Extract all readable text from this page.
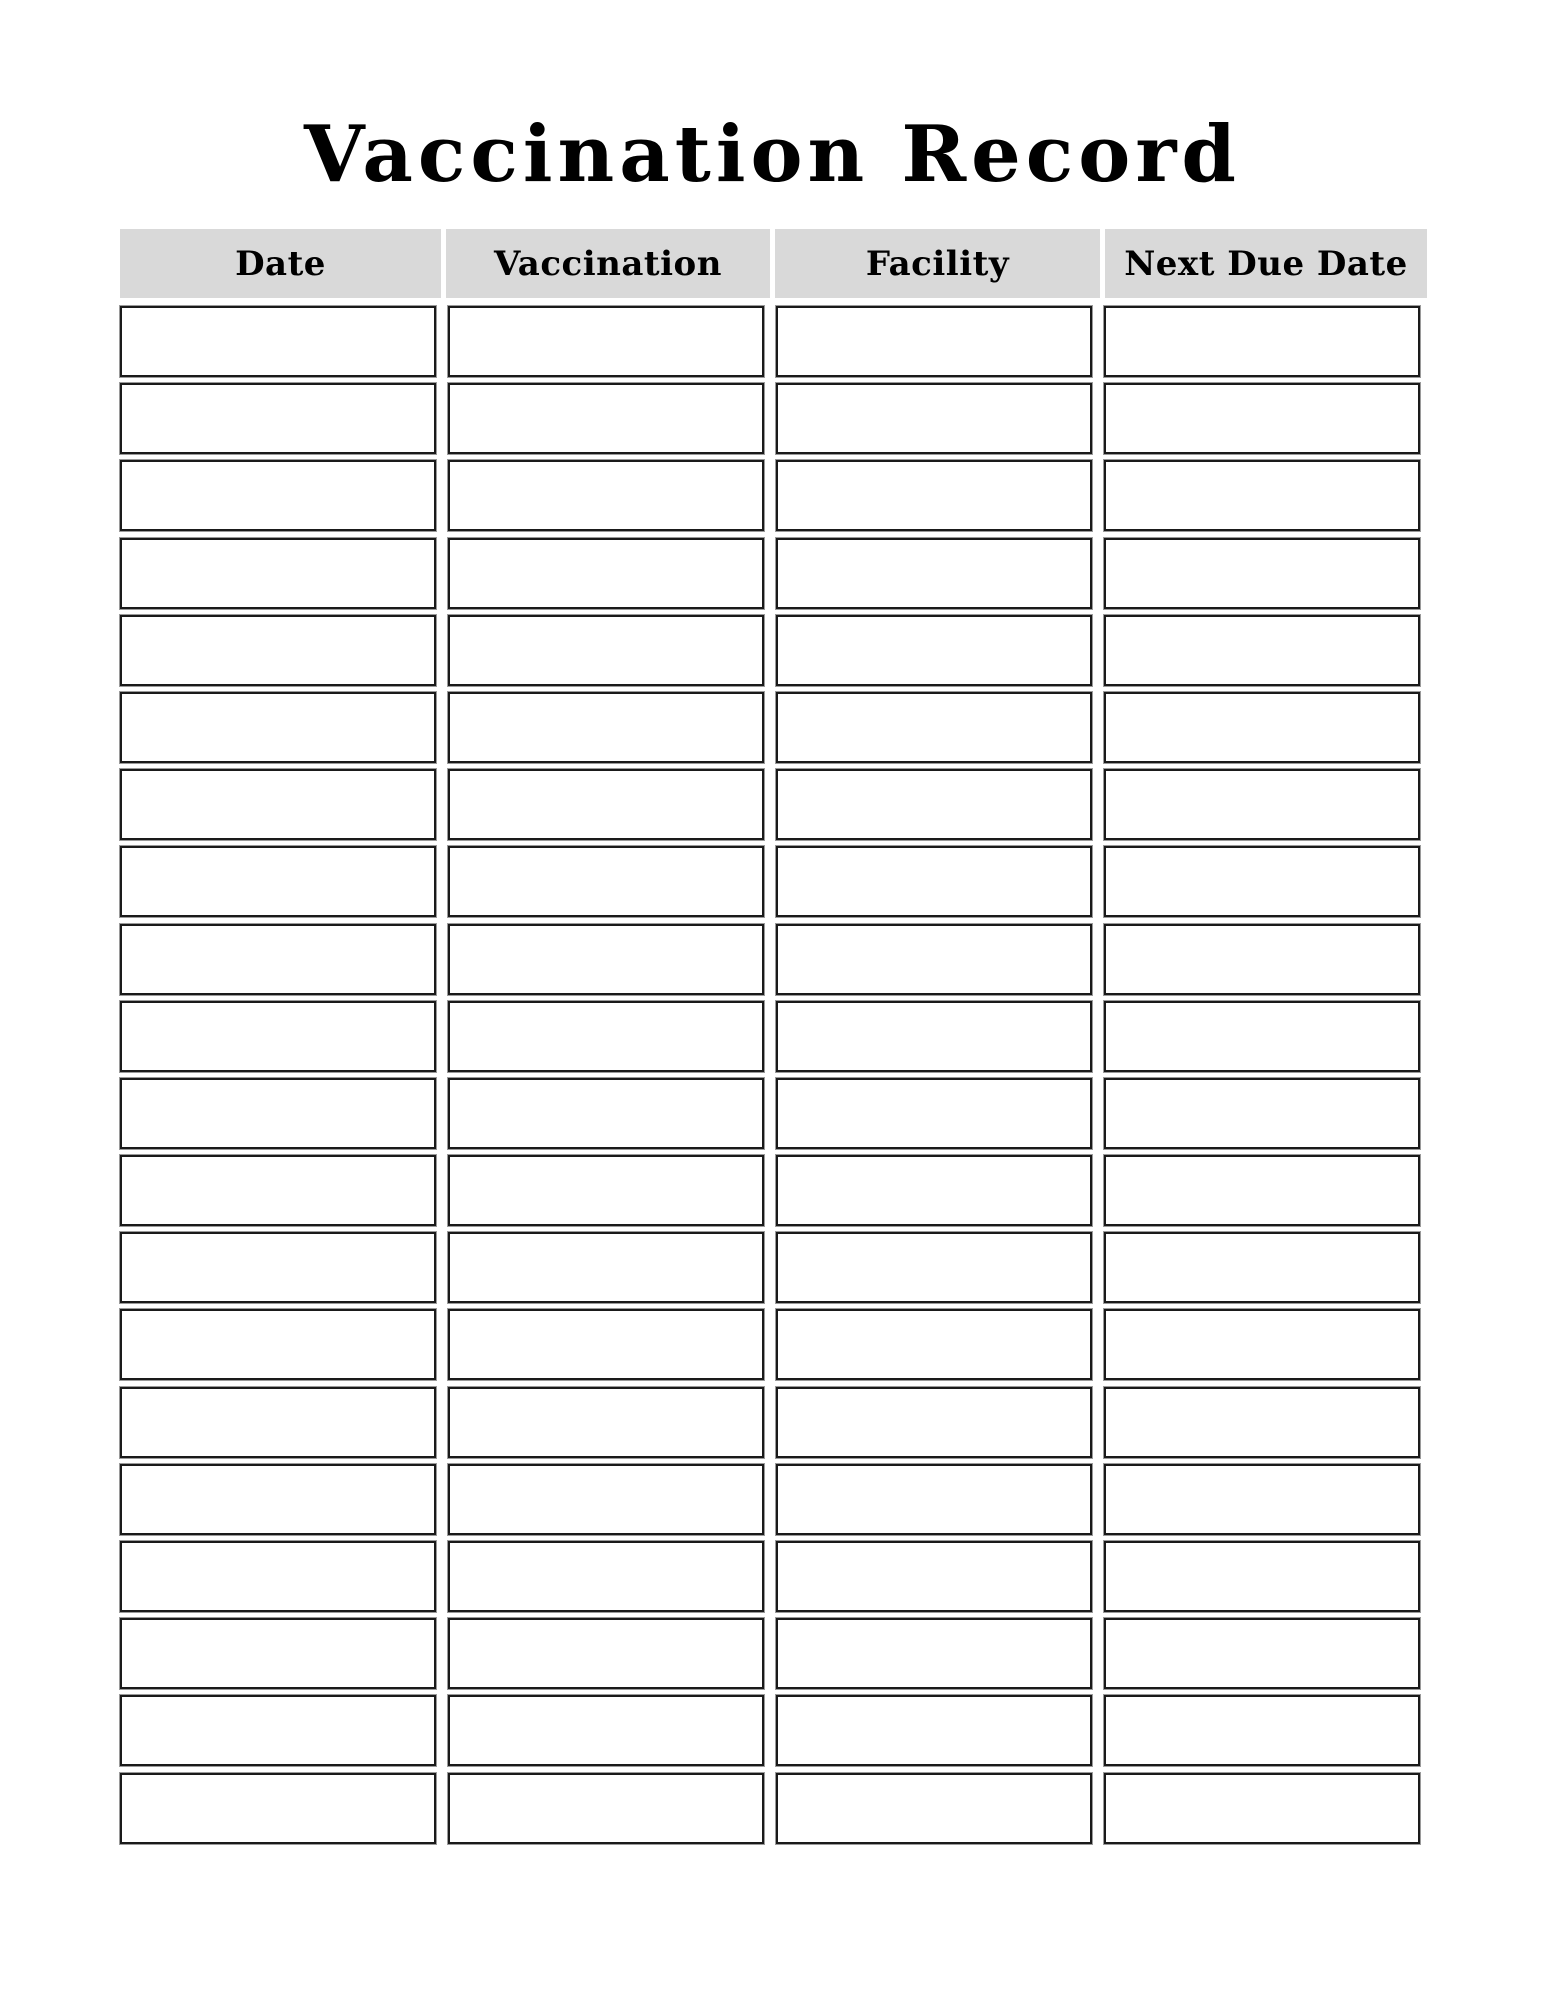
Vaccination Record
Date	Vaccination	Facility	Next Due Date
